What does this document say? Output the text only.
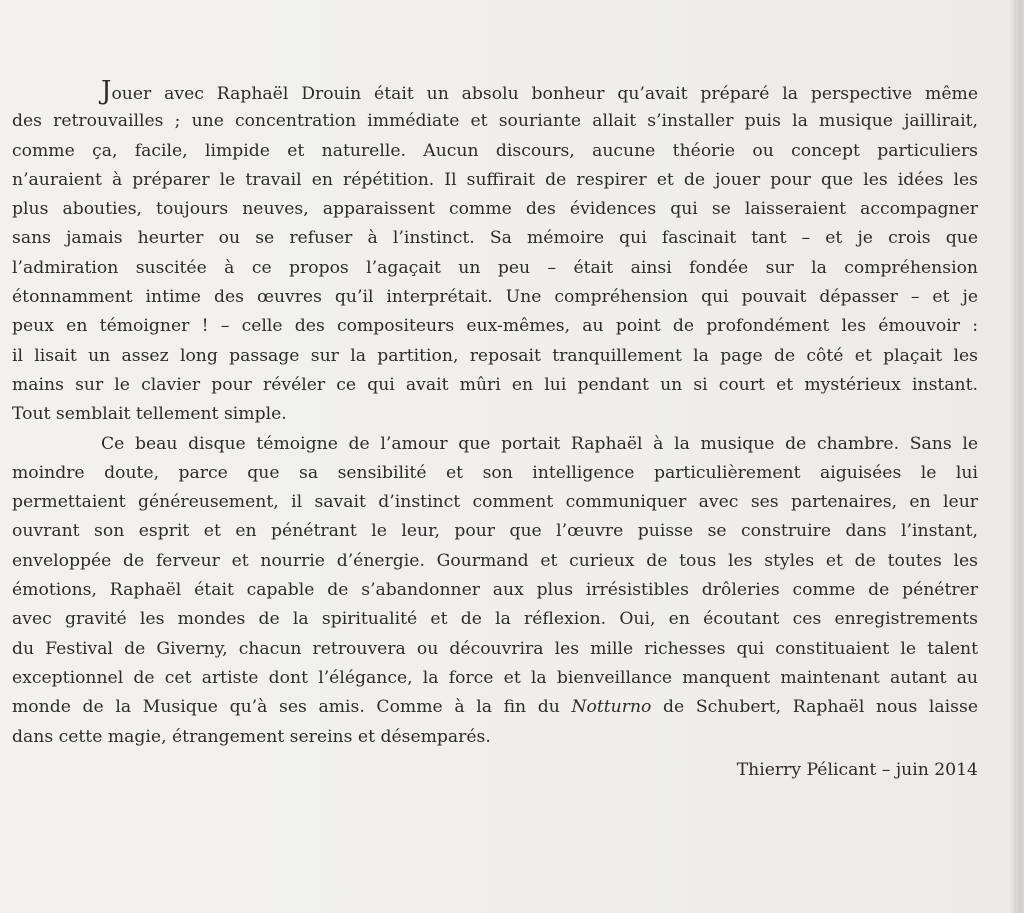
Jouer avec Raphaël Drouin était un absolu bonheur qu’avait préparé la perspective même
des retrouvailles ; une concentration immédiate et souriante allait s’installer puis la musique jaillirait,
comme ça, facile, limpide et naturelle. Aucun discours, aucune théorie ou concept particuliers
n’auraient à préparer le travail en répétition. Il suffirait de respirer et de jouer pour que les idées les
plus abouties, toujours neuves, apparaissent comme des évidences qui se laisseraient accompagner
sans jamais heurter ou se refuser à l’instinct. Sa mémoire qui fascinait tant – et je crois que
l’admiration suscitée à ce propos l’agaçait un peu – était ainsi fondée sur la compréhension
étonnamment intime des œuvres qu’il interprétait. Une compréhension qui pouvait dépasser – et je
peux en témoigner ! – celle des compositeurs eux-mêmes, au point de profondément les émouvoir :
il lisait un assez long passage sur la partition, reposait tranquillement la page de côté et plaçait les
mains sur le clavier pour révéler ce qui avait mûri en lui pendant un si court et mystérieux instant.
Tout semblait tellement simple.
Ce beau disque témoigne de l’amour que portait Raphaël à la musique de chambre. Sans le
moindre doute, parce que sa sensibilité et son intelligence particulièrement aiguisées le lui
permettaient généreusement, il savait d’instinct comment communiquer avec ses partenaires, en leur
ouvrant son esprit et en pénétrant le leur, pour que l’œuvre puisse se construire dans l’instant,
enveloppée de ferveur et nourrie d’énergie. Gourmand et curieux de tous les styles et de toutes les
émotions, Raphaël était capable de s’abandonner aux plus irrésistibles drôleries comme de pénétrer
avec gravité les mondes de la spiritualité et de la réflexion. Oui, en écoutant ces enregistrements
du Festival de Giverny, chacun retrouvera ou découvrira les mille richesses qui constituaient le talent
exceptionnel de cet artiste dont l’élégance, la force et la bienveillance manquent maintenant autant au
monde de la Musique qu’à ses amis. Comme à la fin du Notturno de Schubert, Raphaël nous laisse
dans cette magie, étrangement sereins et désemparés.
Thierry Pélicant – juin 2014
